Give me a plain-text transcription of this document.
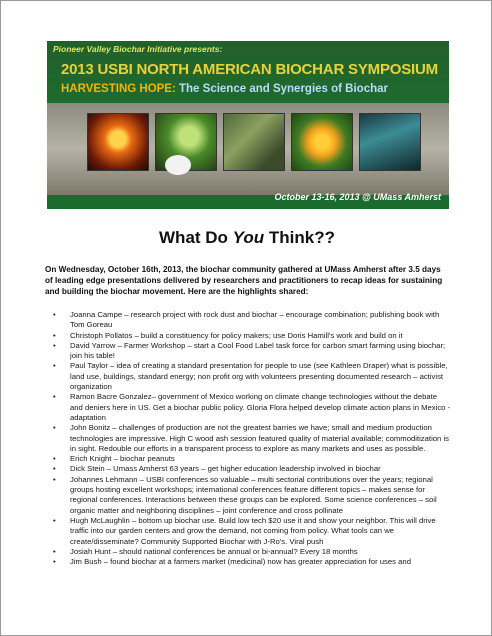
Pioneer Valley Biochar Initiative presents:
2013 USBI NORTH AMERICAN BIOCHAR SYMPOSIUM
HARVESTING HOPE: The Science and Synergies of Biochar
October 13-16, 2013 @ UMass Amherst
What Do You Think??

On Wednesday, October 16th, 2013, the biochar community gathered at UMass Amherst after 3.5 days of leading edge presentations delivered by researchers and practitioners to recap ideas for sustaining and building the biochar movement. Here are the highlights shared:

• Joanna Campe – research project with rock dust and biochar – encourage combination; publishing book with Tom Goreau
• Christoph Pollatos – build a constituency for policy makers; use Doris Hamill's work and build on it
• David Yarrow – Farmer Workshop – start a Cool Food Label task force for carbon smart farming using biochar; join his table!
• Paul Taylor – idea of creating a standard presentation for people to use (see Kathleen Draper) what is possible, land use, buildings, standard energy; non profit org with volunteers presenting documented research – activist organization
• Ramon Bacre Gonzalez– government of Mexico working on climate change technologies without the debate and deniers here in US. Get a biochar public policy. Gloria Flora helped develop climate action plans in Mexico - adaptation
• John Bonitz – challenges of production are not the greatest barries we have; small and medium production technologies are impressive. High C wood ash session featured quality of material available; commoditization is in sight. Redouble our efforts in a transparent process to explore as many markets and uses as possible.
• Erich Knight – biochar peanuts
• Dick Stein – Umass Amherst 63 years – get higher education leadership involved in biochar
• Johannes Lehmann – USBI conferences so valuable – multi sectorial contributions over the years; regional groups hosting excellent workshops; international conferences feature different topics – makes sense for regional conferences. Interactions between these groups can be explored. Some science conferences – soil organic matter and neighboring disciplines – joint conference and cross pollinate
• Hugh McLaughlin – bottom up biochar use. Build low tech $20 use it and show your neighbor. This will drive traffic into our garden centers and grow the demand, not coming from policy. What tools can we create/disseminate? Community Supported Biochar with J-Ro's. Viral push
• Josiah Hunt – should national conferences be annual or bi-annual? Every 18 months
• Jim Bush – found biochar at a farmers market (medicinal) now has greater appreciation for uses and
